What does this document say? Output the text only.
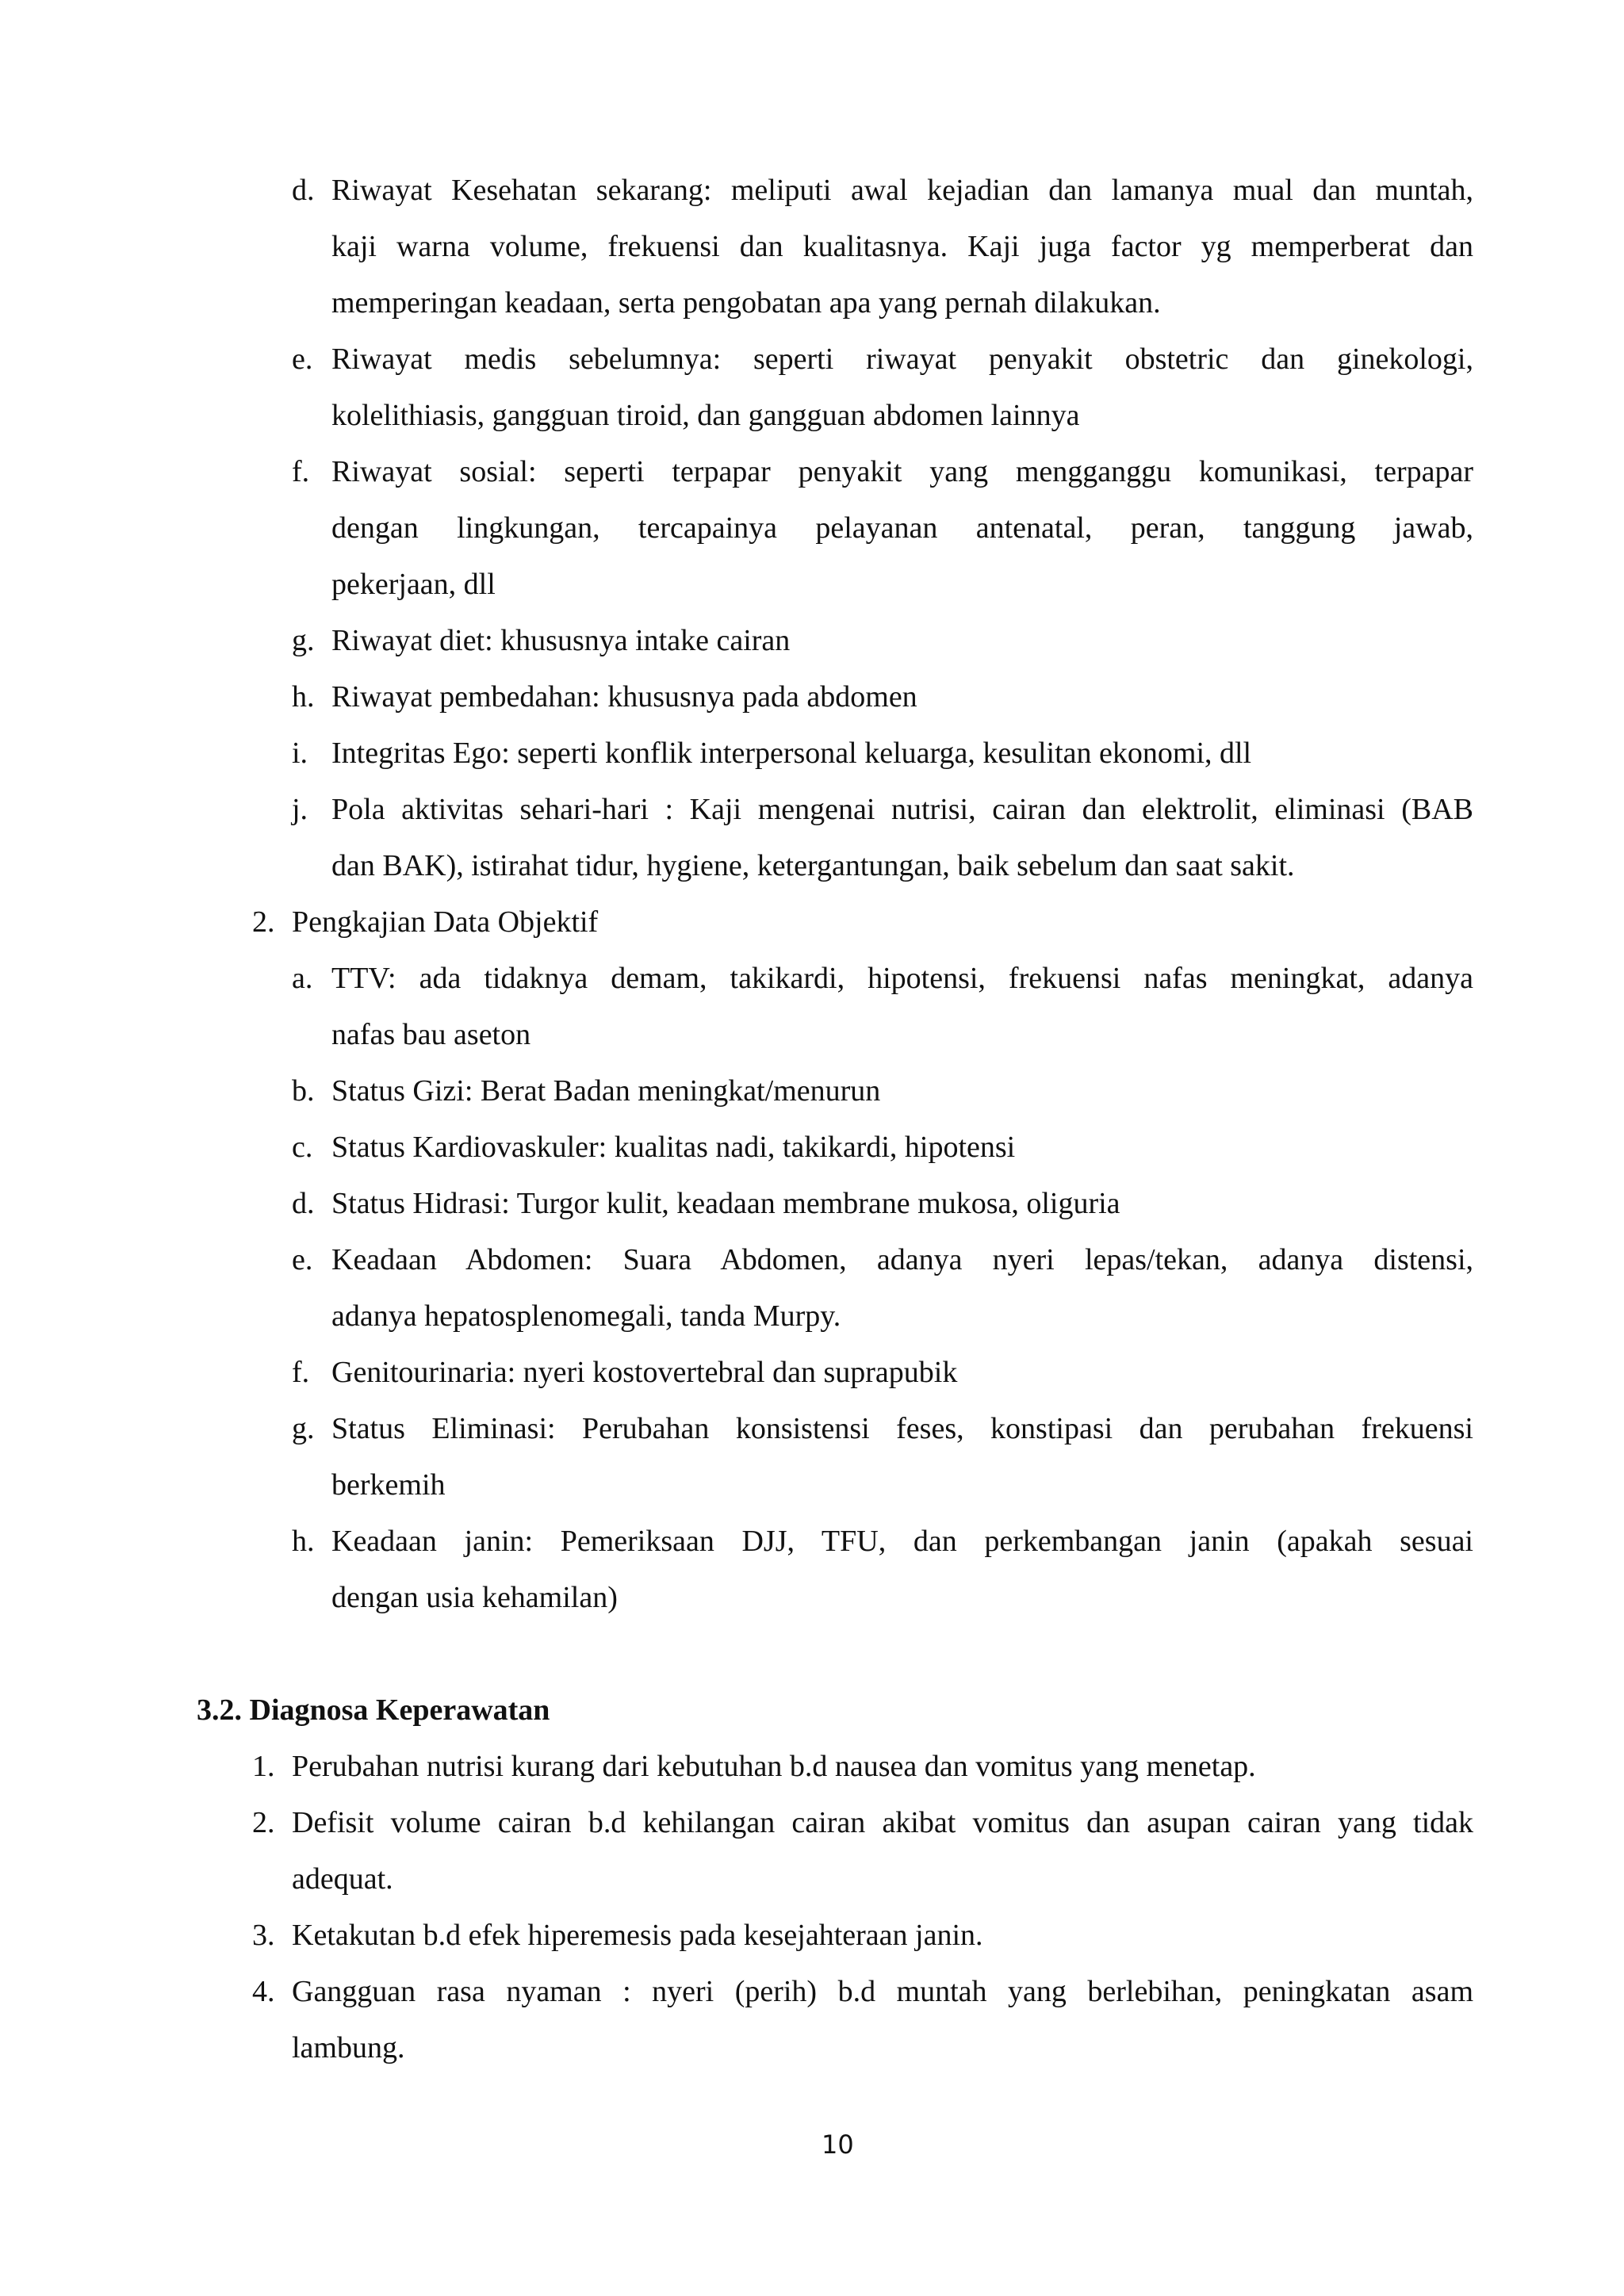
d. Riwayat Kesehatan sekarang: meliputi awal kejadian dan lamanya mual dan muntah,
kaji warna volume, frekuensi dan kualitasnya. Kaji juga factor yg memperberat dan
memperingan keadaan, serta pengobatan apa yang pernah dilakukan.
e. Riwayat medis sebelumnya: seperti riwayat penyakit obstetric dan ginekologi,
kolelithiasis, gangguan tiroid, dan gangguan abdomen lainnya
f. Riwayat sosial: seperti terpapar penyakit yang mengganggu komunikasi, terpapar
dengan lingkungan, tercapainya pelayanan antenatal, peran, tanggung jawab,
pekerjaan, dll
g. Riwayat diet: khususnya intake cairan
h. Riwayat pembedahan: khususnya pada abdomen
i. Integritas Ego: seperti konflik interpersonal keluarga, kesulitan ekonomi, dll
j. Pola aktivitas sehari-hari : Kaji mengenai nutrisi, cairan dan elektrolit, eliminasi (BAB
dan BAK), istirahat tidur, hygiene, ketergantungan, baik sebelum dan saat sakit.
2. Pengkajian Data Objektif
a. TTV: ada tidaknya demam, takikardi, hipotensi, frekuensi nafas meningkat, adanya
nafas bau aseton
b. Status Gizi: Berat Badan meningkat/menurun
c. Status Kardiovaskuler: kualitas nadi, takikardi, hipotensi
d. Status Hidrasi: Turgor kulit, keadaan membrane mukosa, oliguria
e. Keadaan Abdomen: Suara Abdomen, adanya nyeri lepas/tekan, adanya distensi,
adanya hepatosplenomegali, tanda Murpy.
f. Genitourinaria: nyeri kostovertebral dan suprapubik
g. Status Eliminasi: Perubahan konsistensi feses, konstipasi dan perubahan frekuensi
berkemih
h. Keadaan janin: Pemeriksaan DJJ, TFU, dan perkembangan janin (apakah sesuai
dengan usia kehamilan)
3.2. Diagnosa Keperawatan
1. Perubahan nutrisi kurang dari kebutuhan b.d nausea dan vomitus yang menetap.
2. Defisit volume cairan b.d kehilangan cairan akibat vomitus dan asupan cairan yang tidak
adequat.
3. Ketakutan b.d efek hiperemesis pada kesejahteraan janin.
4. Gangguan rasa nyaman : nyeri (perih) b.d muntah yang berlebihan, peningkatan asam
lambung.
10
